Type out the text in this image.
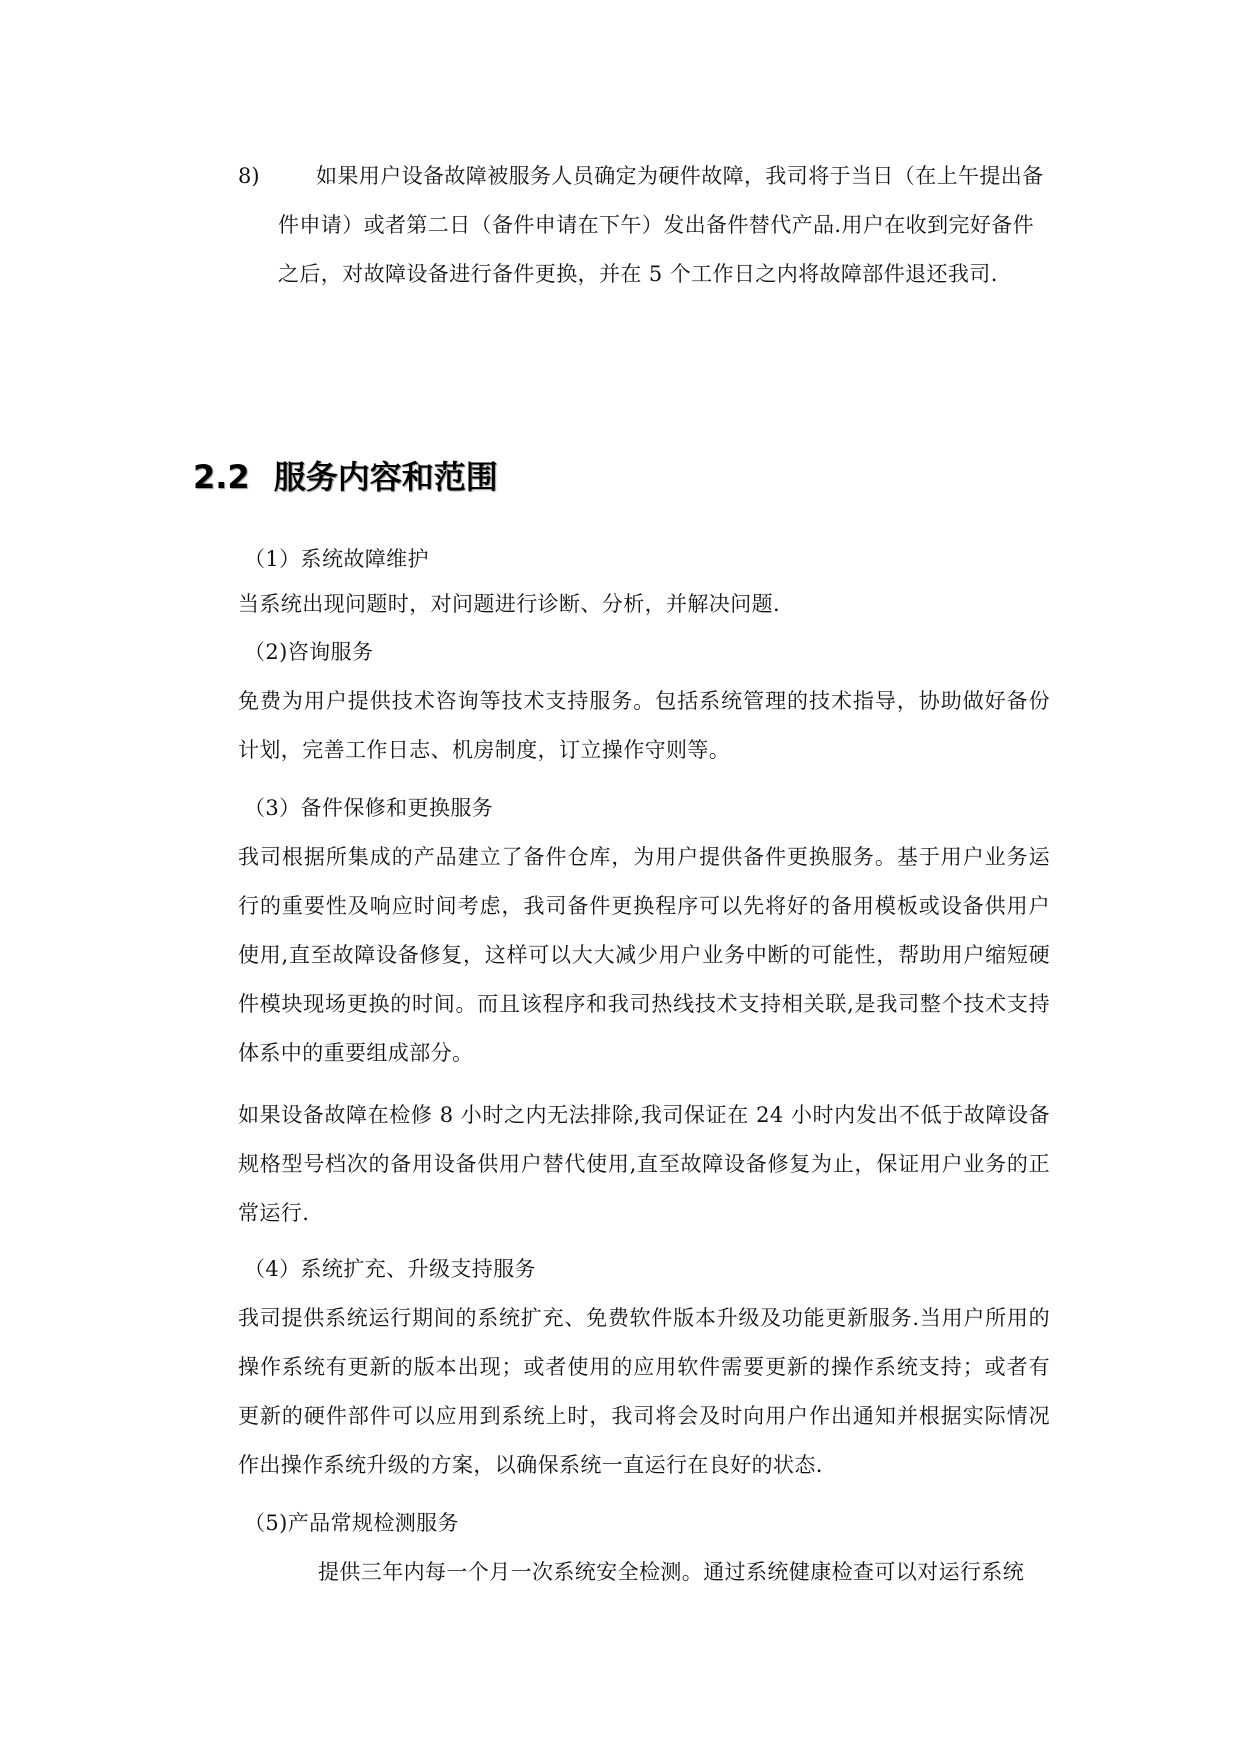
8)	如果用户设备故障被服务人员确定为硬件故障，我司将于当日（在上午提出备
件申请）或者第二日（备件申请在下午）发出备件替代产品.用户在收到完好备件
之后，对故障设备进行备件更换，并在 5 个工作日之内将故障部件退还我司.
2.2 服务内容和范围
（1）系统故障维护
当系统出现问题时，对问题进行诊断、分析，并解决问题.
（2)咨询服务
免费为用户提供技术咨询等技术支持服务。包括系统管理的技术指导，协助做好备份计划，完善工作日志、机房制度，订立操作守则等。
（3）备件保修和更换服务
我司根据所集成的产品建立了备件仓库，为用户提供备件更换服务。基于用户业务运行的重要性及响应时间考虑，我司备件更换程序可以先将好的备用模板或设备供用户使用,直至故障设备修复，这样可以大大减少用户业务中断的可能性，帮助用户缩短硬件模块现场更换的时间。而且该程序和我司热线技术支持相关联,是我司整个技术支持体系中的重要组成部分。
如果设备故障在检修 8 小时之内无法排除,我司保证在 24 小时内发出不低于故障设备规格型号档次的备用设备供用户替代使用,直至故障设备修复为止，保证用户业务的正常运行.
（4）系统扩充、升级支持服务
我司提供系统运行期间的系统扩充、免费软件版本升级及功能更新服务.当用户所用的操作系统有更新的版本出现；或者使用的应用软件需要更新的操作系统支持；或者有更新的硬件部件可以应用到系统上时，我司将会及时向用户作出通知并根据实际情况作出操作系统升级的方案，以确保系统一直运行在良好的状态.
（5)产品常规检测服务
提供三年内每一个月一次系统安全检测。通过系统健康检查可以对运行系统
